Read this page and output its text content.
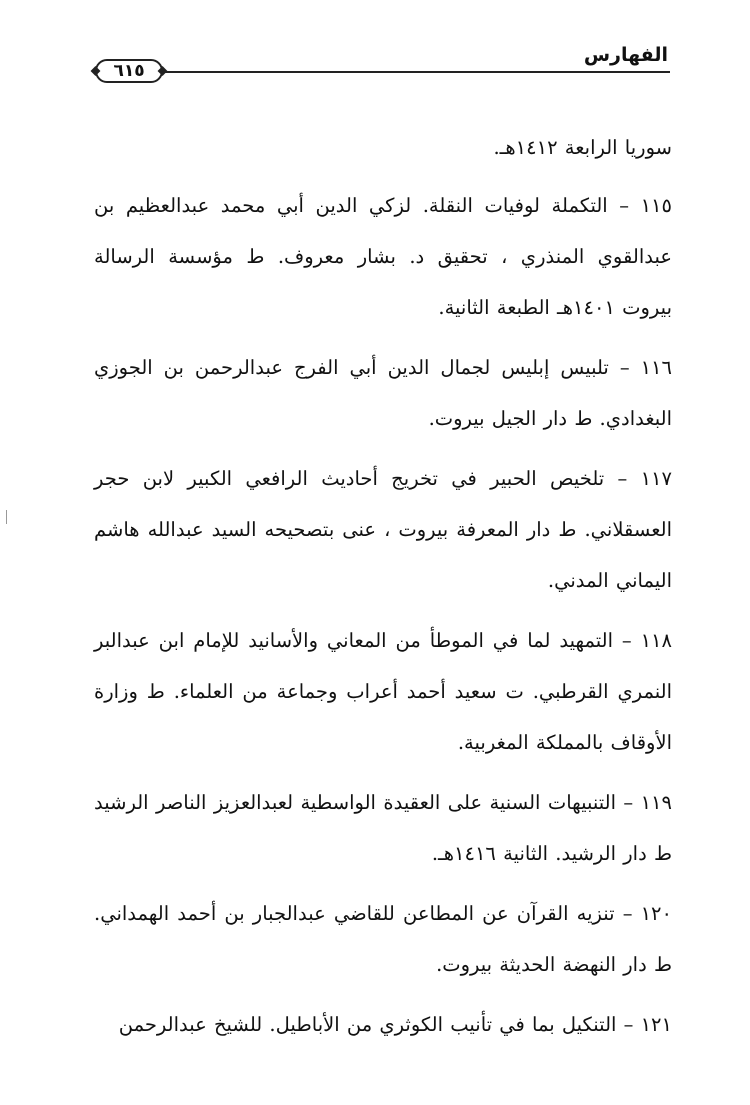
الفهارس
٦١٥

سوريا الرابعة ١٤١٢هـ.

١١٥ – التكملة لوفيات النقلة. لزكي الدين أبي محمد عبدالعظيم بن عبدالقوي المنذري ، تحقيق د. بشار معروف. ط مؤسسة الرسالة بيروت ١٤٠١هـ الطبعة الثانية.

١١٦ – تلبيس إبليس لجمال الدين أبي الفرج عبدالرحمن بن الجوزي البغدادي. ط دار الجيل بيروت.

١١٧ – تلخيص الحبير في تخريج أحاديث الرافعي الكبير لابن حجر العسقلاني. ط دار المعرفة بيروت ، عنى بتصحيحه السيد عبدالله هاشم اليماني المدني.

١١٨ – التمهيد لما في الموطأ من المعاني والأسانيد للإمام ابن عبدالبر النمري القرطبي. ت سعيد أحمد أعراب وجماعة من العلماء. ط وزارة الأوقاف بالمملكة المغربية.

١١٩ – التنبيهات السنية على العقيدة الواسطية لعبدالعزيز الناصر الرشيد ط دار الرشيد. الثانية ١٤١٦هـ.

١٢٠ – تنزيه القرآن عن المطاعن للقاضي عبدالجبار بن أحمد الهمداني. ط دار النهضة الحديثة بيروت.

١٢١ – التنكيل بما في تأنيب الكوثري من الأباطيل. للشيخ عبدالرحمن
